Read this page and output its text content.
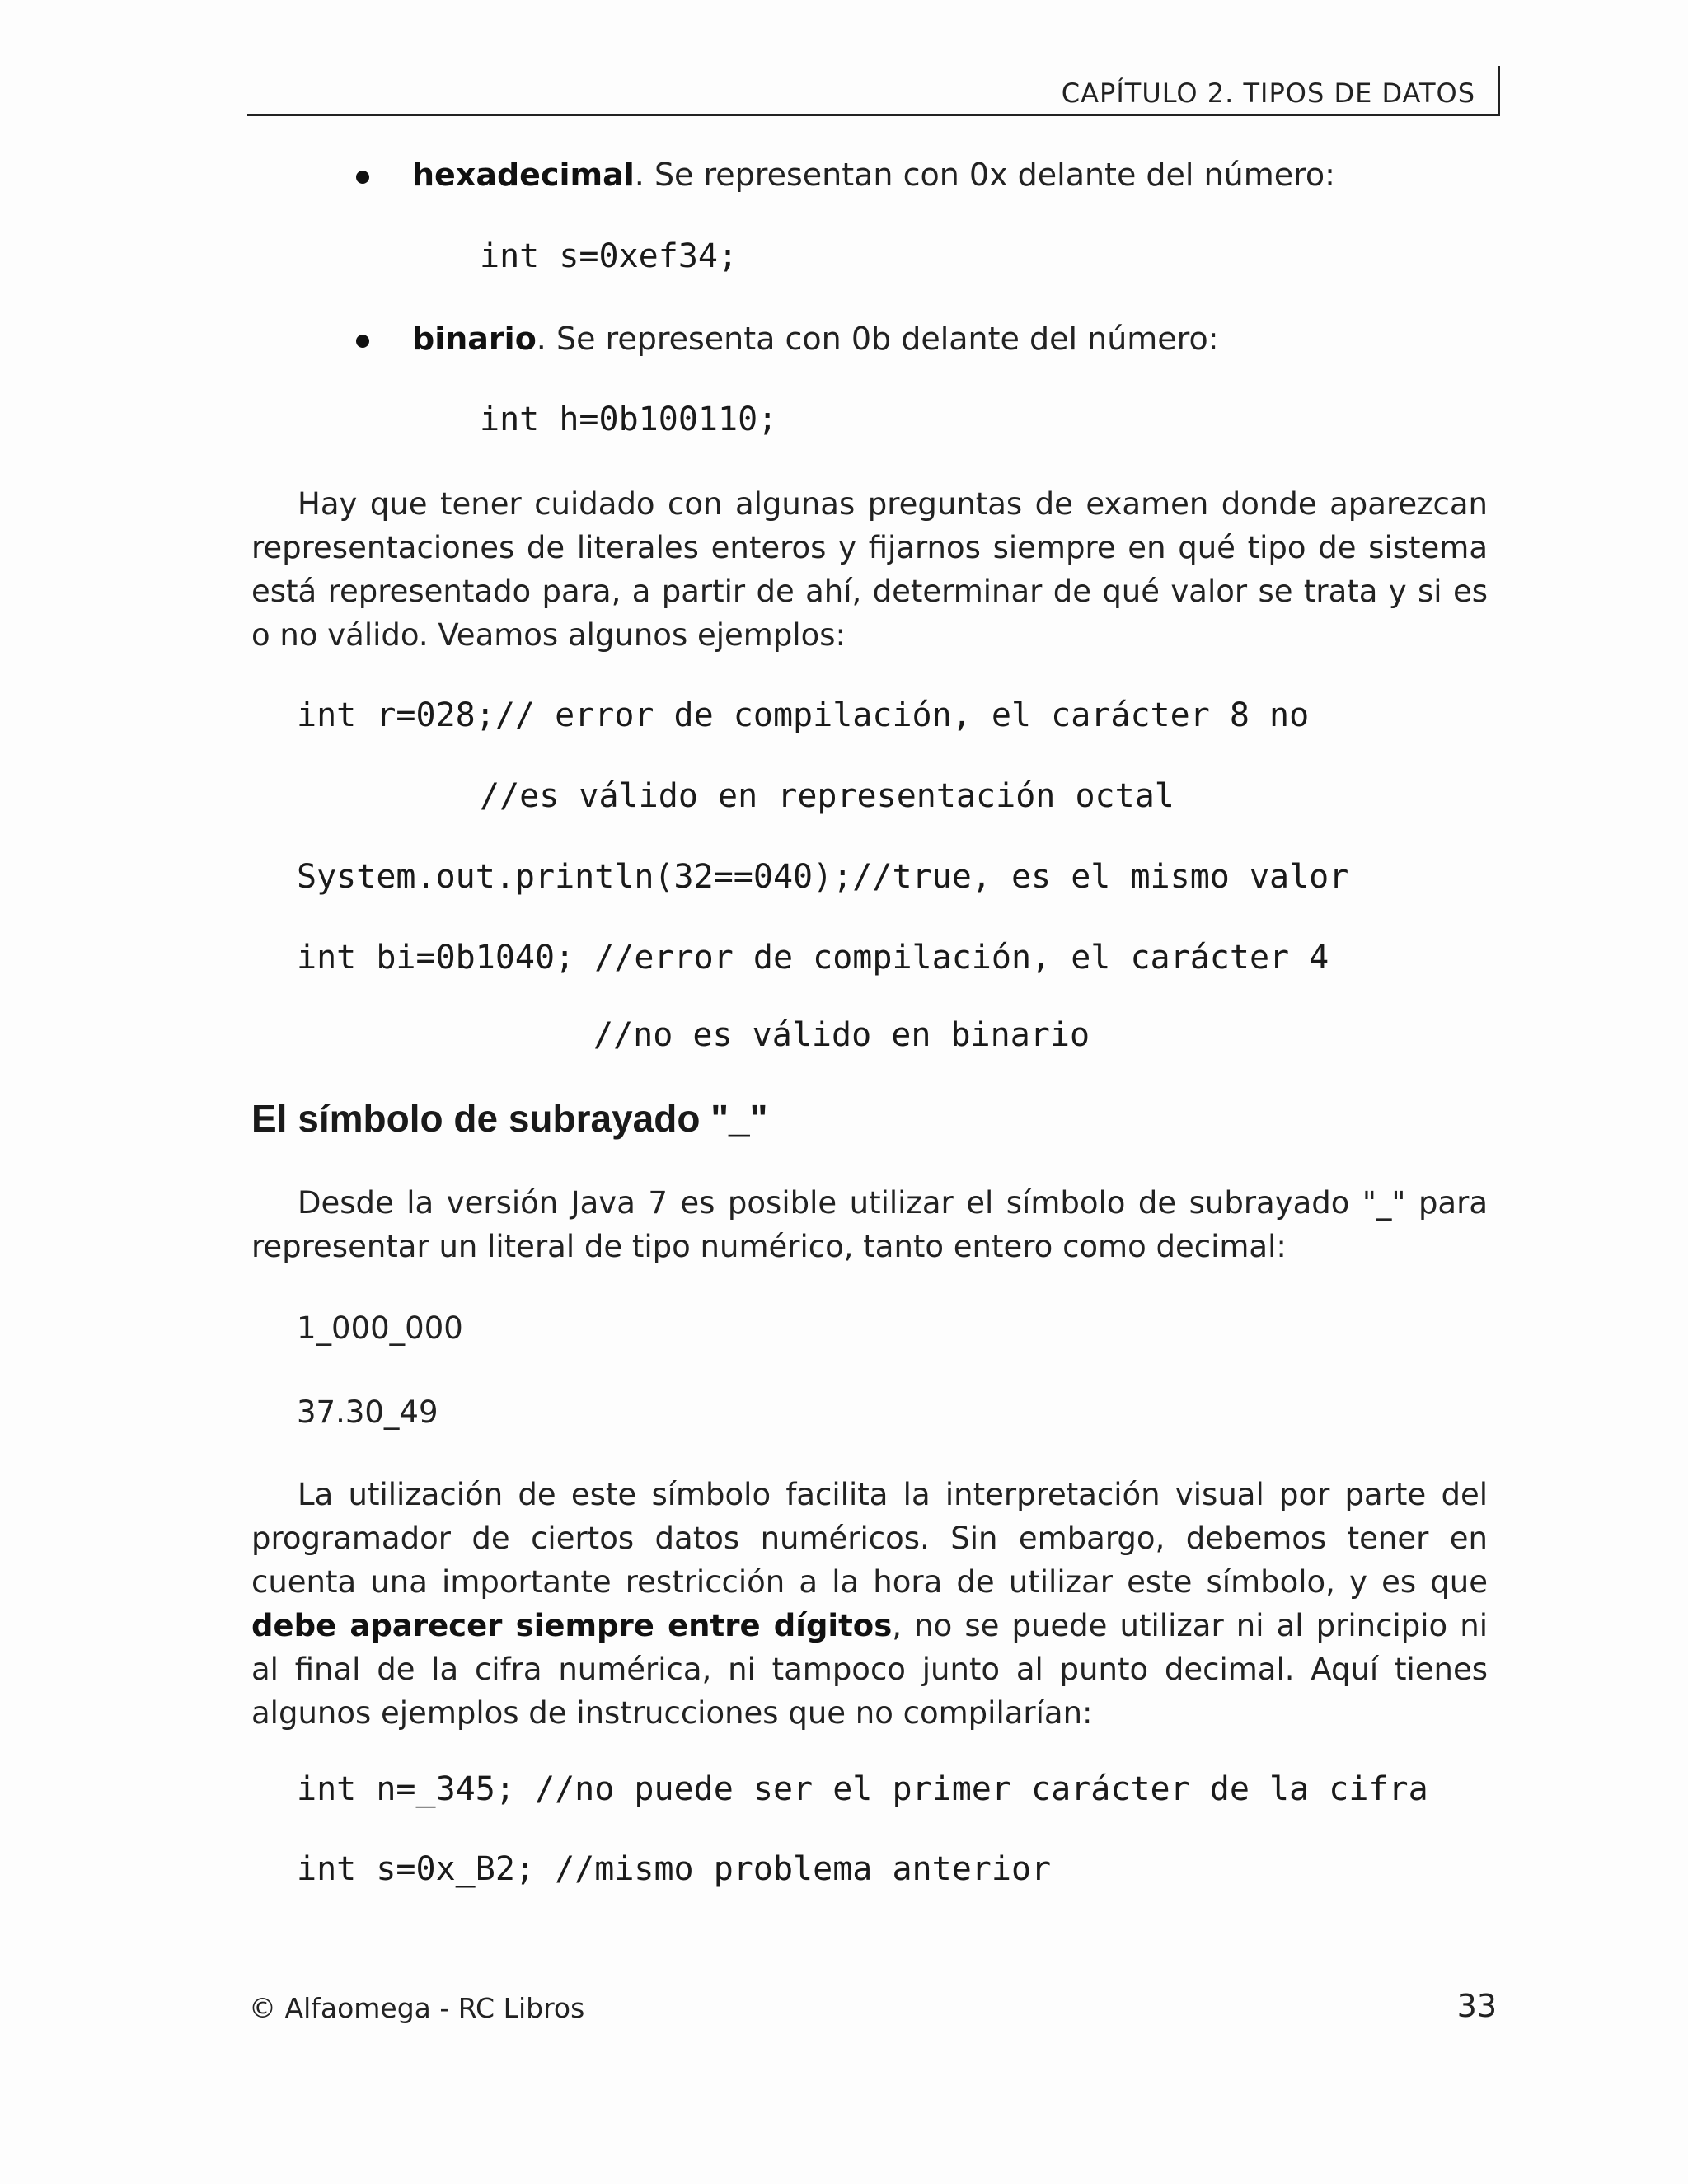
CAPÍTULO 2. TIPOS DE DATOS
hexadecimal. Se representan con 0x delante del número:
int s=0xef34;
binario. Se representa con 0b delante del número:
int h=0b100110;
Hay que tener cuidado con algunas preguntas de examen donde aparezcan representaciones de literales enteros y fijarnos siempre en qué tipo de sistema está representado para, a partir de ahí, determinar de qué valor se trata y si es o no válido. Veamos algunos ejemplos:
int r=028;// error de compilación, el carácter 8 no
//es válido en representación octal
System.out.println(32==040);//true, es el mismo valor
int bi=0b1040; //error de compilación, el carácter 4
//no es válido en binario
El símbolo de subrayado "_"
Desde la versión Java 7 es posible utilizar el símbolo de subrayado "_" para representar un literal de tipo numérico, tanto entero como decimal:
1_000_000
37.30_49
La utilización de este símbolo facilita la interpretación visual por parte del programador de ciertos datos numéricos. Sin embargo, debemos tener en cuenta una importante restricción a la hora de utilizar este símbolo, y es que debe aparecer siempre entre dígitos, no se puede utilizar ni al principio ni al final de la cifra numérica, ni tampoco junto al punto decimal. Aquí tienes algunos ejemplos de instrucciones que no compilarían:
int n=_345; //no puede ser el primer carácter de la cifra
int s=0x_B2; //mismo problema anterior
© Alfaomega - RC Libros	33
